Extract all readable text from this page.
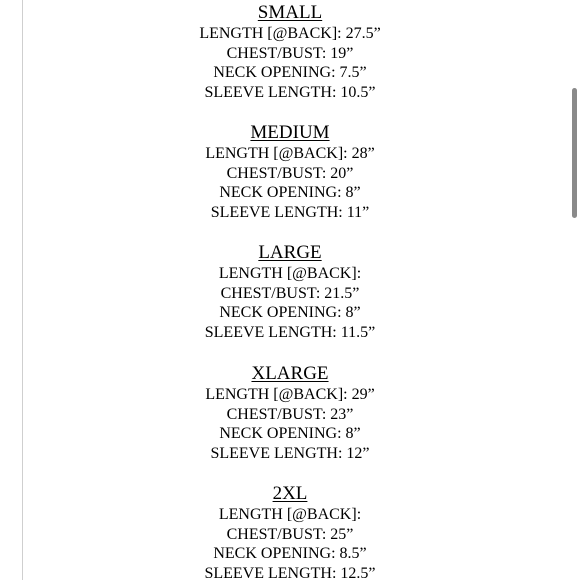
SMALL
LENGTH [@BACK]: 27.5”
CHEST/BUST: 19”
NECK OPENING: 7.5”
SLEEVE LENGTH: 10.5”
MEDIUM
LENGTH [@BACK]: 28”
CHEST/BUST: 20”
NECK OPENING: 8”
SLEEVE LENGTH: 11”
LARGE
LENGTH [@BACK]:
CHEST/BUST: 21.5”
NECK OPENING: 8”
SLEEVE LENGTH: 11.5”
XLARGE
LENGTH [@BACK]: 29”
CHEST/BUST: 23”
NECK OPENING: 8”
SLEEVE LENGTH: 12”
2XL
LENGTH [@BACK]:
CHEST/BUST: 25”
NECK OPENING: 8.5”
SLEEVE LENGTH: 12.5”
